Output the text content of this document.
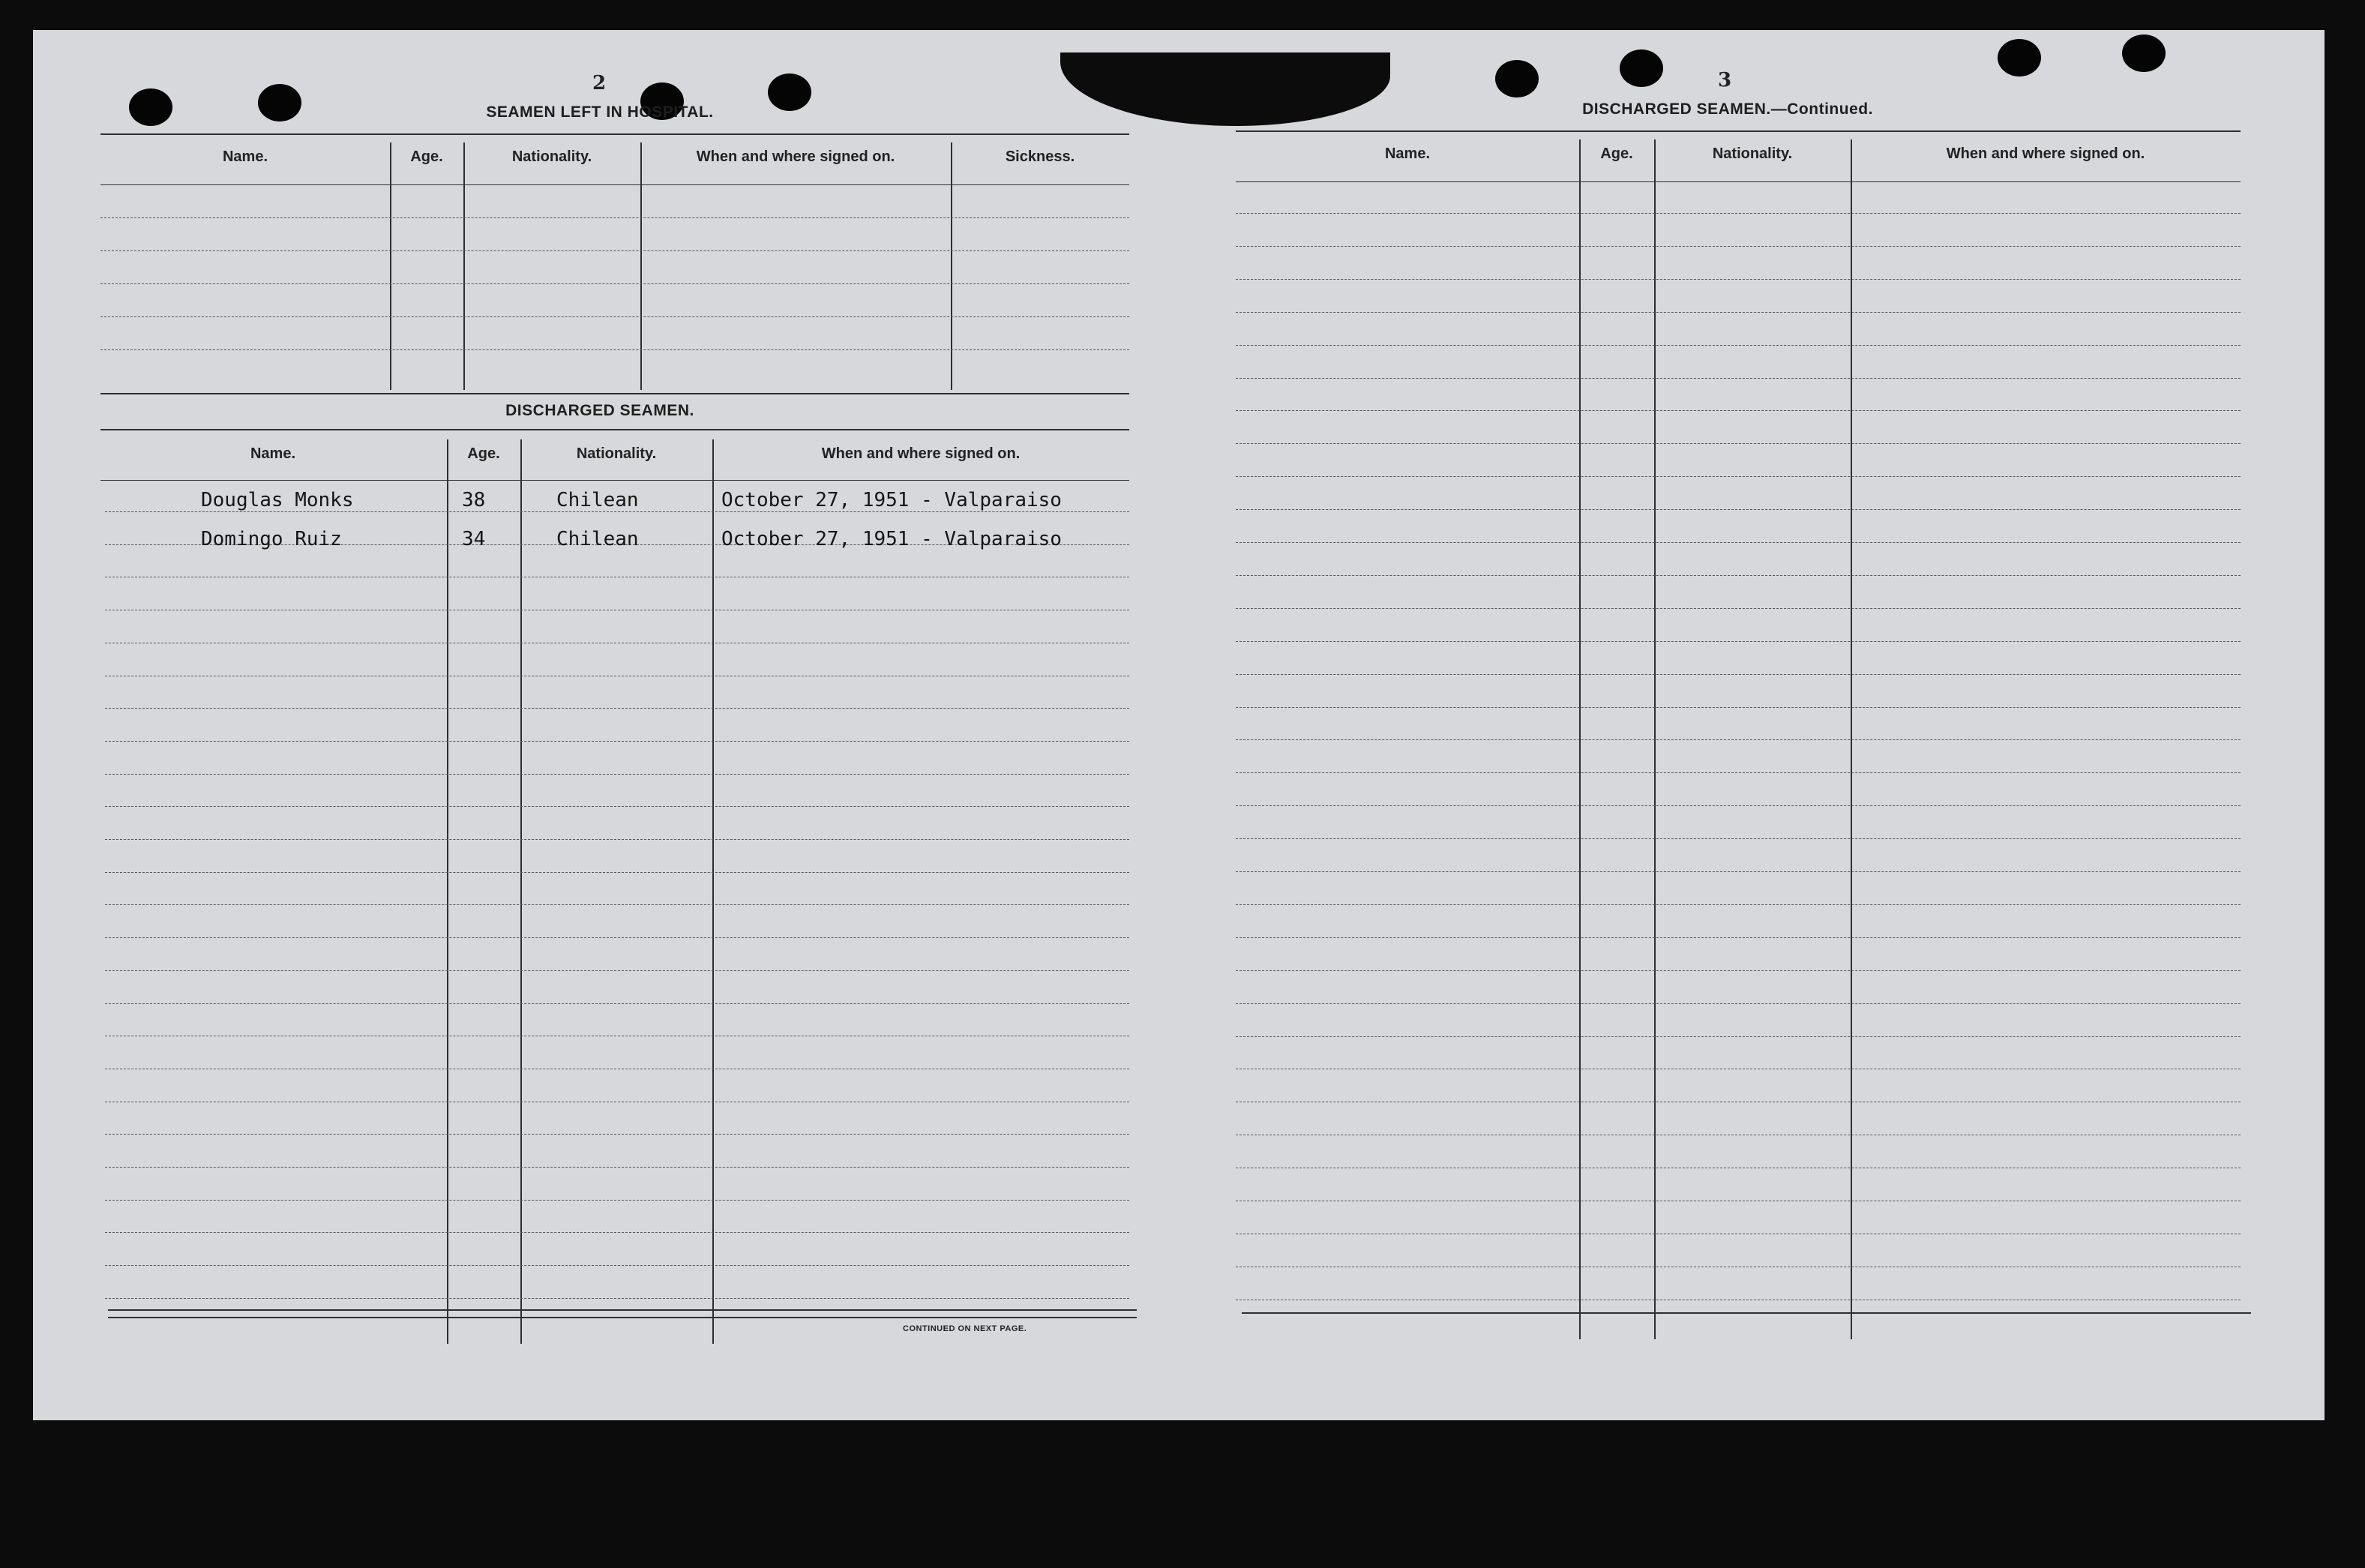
2
SEAMEN LEFT IN HOSPITAL.
Name.	Age.	Nationality.	When and where signed on.	Sickness.
DISCHARGED SEAMEN.
Name.	Age.	Nationality.	When and where signed on.
Douglas Monks	38	Chilean	October 27, 1951 - Valparaiso
Domingo Ruiz	34	Chilean	October 27, 1951 - Valparaiso
CONTINUED ON NEXT PAGE.
3
DISCHARGED SEAMEN.—Continued.
Name.	Age.	Nationality.	When and where signed on.
